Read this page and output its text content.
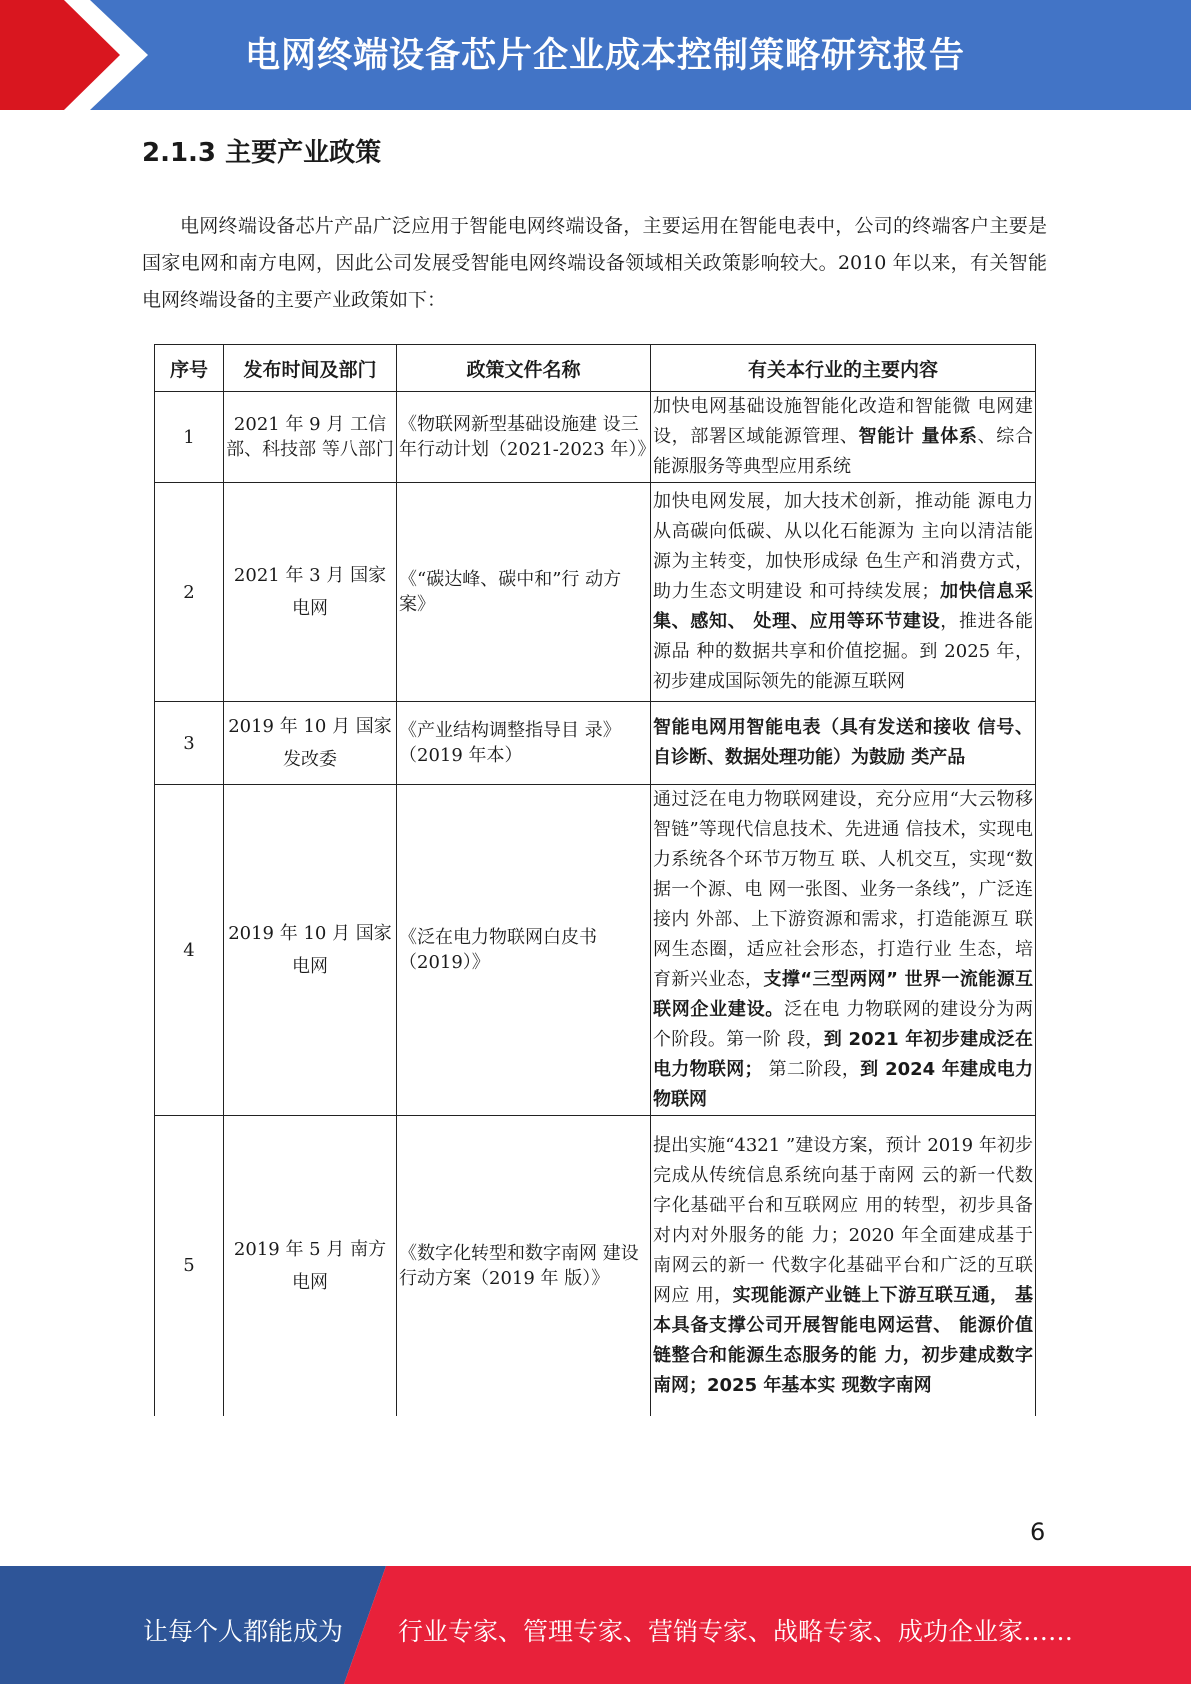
电网终端设备芯片企业成本控制策略研究报告
2.1.3 主要产业政策

电网终端设备芯片产品广泛应用于智能电网终端设备，主要运用在智能电表中，公司的终端客户主要是国家电网和南方电网，因此公司发展受智能电网终端设备领域相关政策影响较大。2010 年以来，有关智能电网终端设备的主要产业政策如下：

序号	发布时间及部门	政策文件名称	有关本行业的主要内容
1	2021 年 9 月 工信部、科技部 等八部门	《物联网新型基础设施建 设三年行动计划（2021-2023 年）》	加快电网基础设施智能化改造和智能微 电网建设，部署区域能源管理、智能计 量体系、综合能源服务等典型应用系统
2	2021 年 3 月 国家电网	《“碳达峰、碳中和”行 动方案》	加快电网发展，加大技术创新，推动能 源电力从高碳向低碳、从以化石能源为 主向以清洁能源为主转变，加快形成绿 色生产和消费方式，助力生态文明建设 和可持续发展；加快信息采集、感知、 处理、应用等环节建设，推进各能源品 种的数据共享和价值挖掘。到 2025 年， 初步建成国际领先的能源互联网
3	2019 年 10 月 国家发改委	《产业结构调整指导目 录》（2019 年本）	智能电网用智能电表（具有发送和接收 信号、自诊断、数据处理功能）为鼓励 类产品
4	2019 年 10 月 国家电网	《泛在电力物联网白皮书（2019）》	通过泛在电力物联网建设，充分应用“大云物移智链”等现代信息技术、先进通 信技术，实现电力系统各个环节万物互 联、人机交互，实现“数据一个源、电 网一张图、业务一条线”，广泛连接内 外部、上下游资源和需求，打造能源互 联网生态圈，适应社会形态，打造行业 生态，培育新兴业态，支撑“三型两网” 世界一流能源互联网企业建设。泛在电 力物联网的建设分为两个阶段。第一阶 段，到 2021 年初步建成泛在电力物联网； 第二阶段，到 2024 年建成电力物联网
5	2019 年 5 月 南方电网	《数字化转型和数字南网 建设行动方案（2019 年 版）》	提出实施“4321 ”建设方案，预计 2019 年初步完成从传统信息系统向基于南网 云的新一代数字化基础平台和互联网应 用的转型，初步具备对内对外服务的能 力；2020 年全面建成基于南网云的新一 代数字化基础平台和广泛的互联网应 用，实现能源产业链上下游互联互通， 基本具备支撑公司开展智能电网运营、 能源价值链整合和能源生态服务的能 力，初步建成数字南网；2025 年基本实 现数字南网
6
让每个人都能成为 行业专家、管理专家、营销专家、战略专家、成功企业家……
